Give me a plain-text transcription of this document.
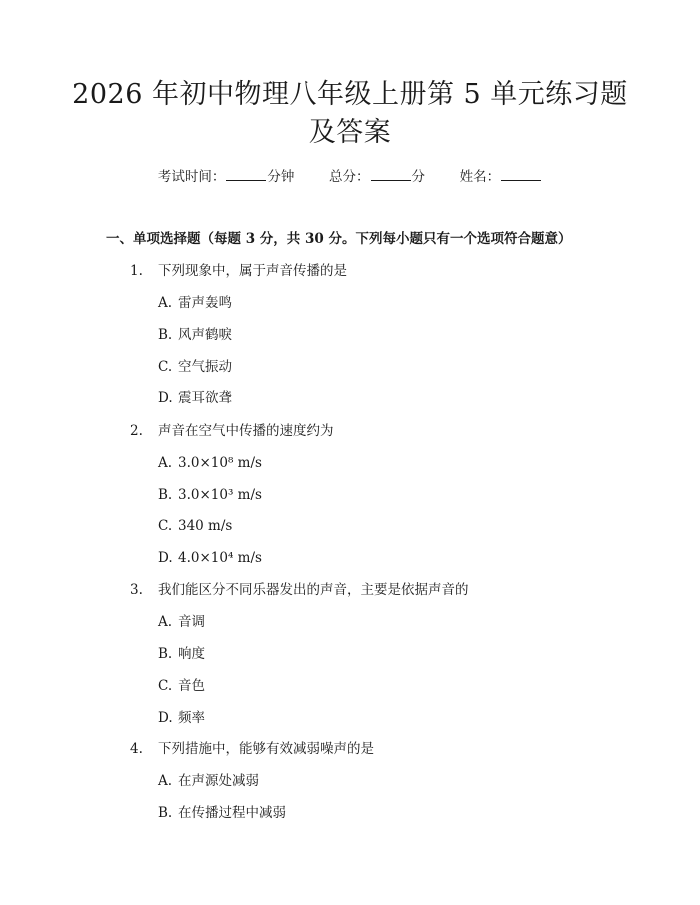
2026 年初中物理八年级上册第 5 单元练习题
及答案
考试时间：	分钟	总分：	分	姓名：
一、单项选择题（每题 3 分，共 30 分。下列每小题只有一个选项符合题意）
1. 下列现象中，属于声音传播的是
A. 雷声轰鸣
B. 风声鹤唳
C. 空气振动
D. 震耳欲聋
2. 声音在空气中传播的速度约为
A. 3.0×10⁸ m/s
B. 3.0×10³ m/s
C. 340 m/s
D. 4.0×10⁴ m/s
3. 我们能区分不同乐器发出的声音，主要是依据声音的
A. 音调
B. 响度
C. 音色
D. 频率
4. 下列措施中，能够有效减弱噪声的是
A. 在声源处减弱
B. 在传播过程中减弱
